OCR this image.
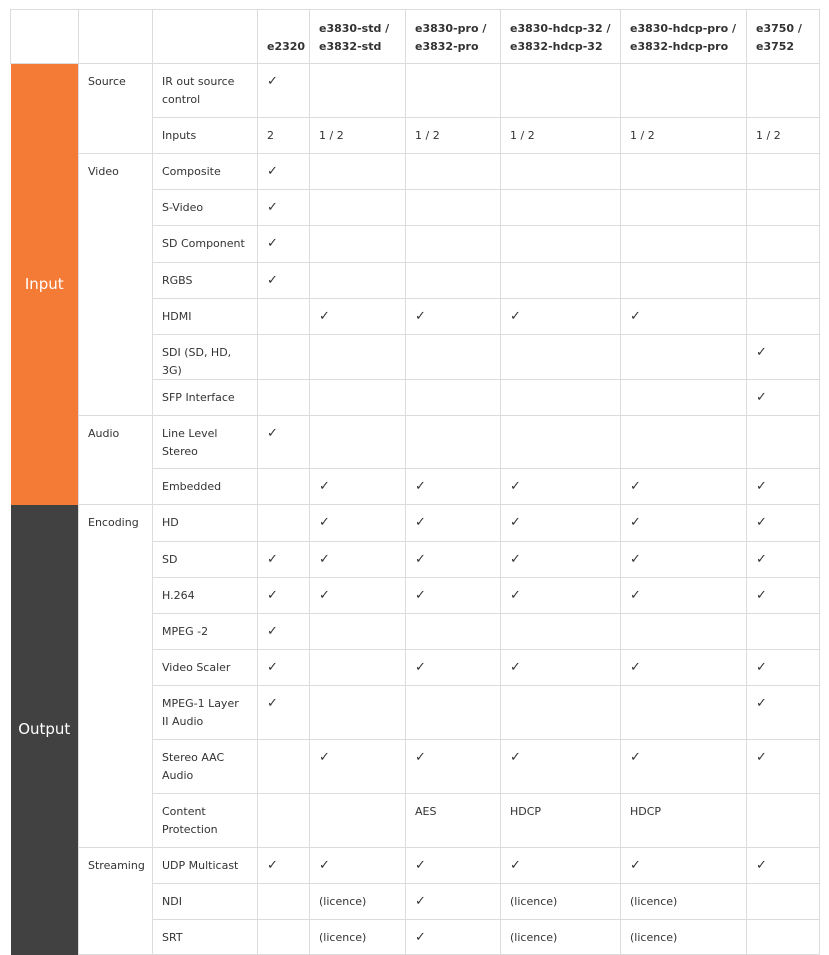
			e2320	e3830-std / e3832-std	e3830-pro / e3832-pro	e3830-hdcp-32 / e3832-hdcp-32	e3830-hdcp-pro / e3832-hdcp-pro	e3750 / e3752
Input	Source	IR out source control	✓					
		Inputs	2	1 / 2	1 / 2	1 / 2	1 / 2	1 / 2
	Video	Composite	✓					
		S-Video	✓					
		SD Component	✓					
		RGBS	✓					
		HDMI		✓	✓	✓	✓	
		SDI (SD, HD, 3G)						✓
		SFP Interface						✓
	Audio	Line Level Stereo	✓					
		Embedded		✓	✓	✓	✓	✓
Output	Encoding	HD		✓	✓	✓	✓	✓
		SD	✓	✓	✓	✓	✓	✓
		H.264	✓	✓	✓	✓	✓	✓
		MPEG -2	✓					
		Video Scaler	✓		✓	✓	✓	✓
		MPEG-1 Layer II Audio	✓					✓
		Stereo AAC Audio		✓	✓	✓	✓	✓
		Content Protection			AES	HDCP	HDCP	
	Streaming	UDP Multicast	✓	✓	✓	✓	✓	✓
		NDI		(licence)	✓	(licence)	(licence)	
		SRT		(licence)	✓	(licence)	(licence)	
